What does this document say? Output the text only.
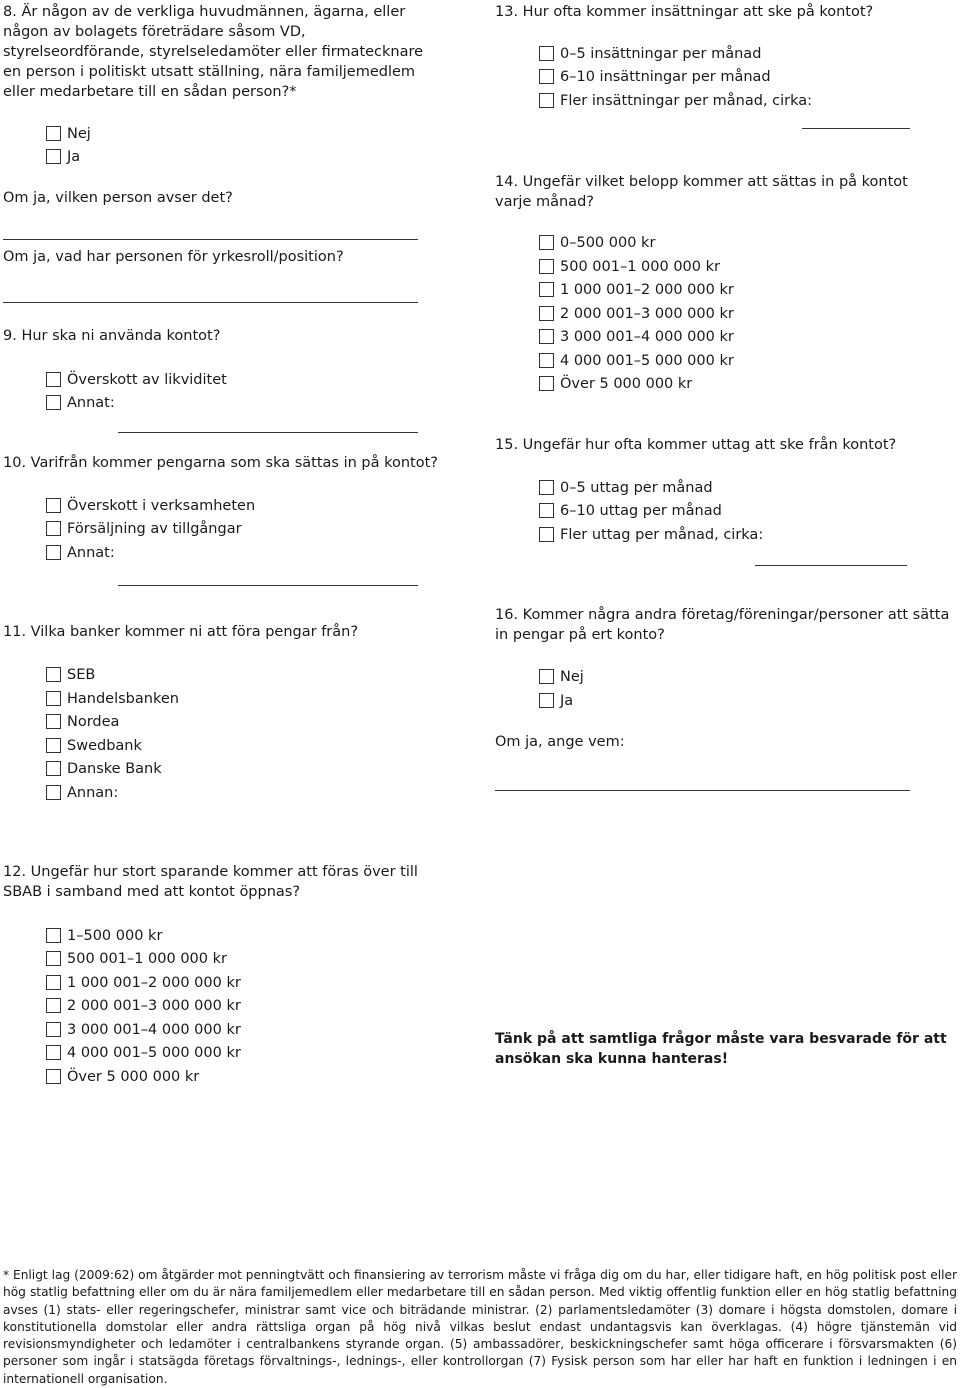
8. Är någon av de verkliga huvudmännen, ägarna, eller någon av bolagets företrädare såsom VD, styrelseordförande, styrelseledamöter eller firmatecknare en person i politiskt utsatt ställning, nära familjemedlem eller medarbetare till en sådan person?*
Nej
Ja
Om ja, vilken person avser det?
Om ja, vad har personen för yrkesroll/position?
9. Hur ska ni använda kontot?
Överskott av likviditet
Annat:
10. Varifrån kommer pengarna som ska sättas in på kontot?
Överskott i verksamheten
Försäljning av tillgångar
Annat:
11. Vilka banker kommer ni att föra pengar från?
SEB
Handelsbanken
Nordea
Swedbank
Danske Bank
Annan:
12. Ungefär hur stort sparande kommer att föras över till SBAB i samband med att kontot öppnas?
1–500 000 kr
500 001–1 000 000 kr
1 000 001–2 000 000 kr
2 000 001–3 000 000 kr
3 000 001–4 000 000 kr
4 000 001–5 000 000 kr
Över 5 000 000 kr
13. Hur ofta kommer insättningar att ske på kontot?
0–5 insättningar per månad
6–10 insättningar per månad
Fler insättningar per månad, cirka:
14. Ungefär vilket belopp kommer att sättas in på kontot varje månad?
0–500 000 kr
500 001–1 000 000 kr
1 000 001–2 000 000 kr
2 000 001–3 000 000 kr
3 000 001–4 000 000 kr
4 000 001–5 000 000 kr
Över 5 000 000 kr
15. Ungefär hur ofta kommer uttag att ske från kontot?
0–5 uttag per månad
6–10 uttag per månad
Fler uttag per månad, cirka:
16. Kommer några andra företag/föreningar/personer att sätta in pengar på ert konto?
Nej
Ja
Om ja, ange vem:
Tänk på att samtliga frågor måste vara besvarade för att ansökan ska kunna hanteras!
* Enligt lag (2009:62) om åtgärder mot penningtvätt och finansiering av terrorism måste vi fråga dig om du har, eller tidigare haft, en hög politisk post eller hög statlig befattning eller om du är nära familjemedlem eller medarbetare till en sådan person. Med viktig offentlig funktion eller en hög statlig befattning avses (1) stats- eller regeringschefer, ministrar samt vice och biträdande ministrar. (2) parlamentsledamöter (3) domare i högsta domstolen, domare i konstitutionella domstolar eller andra rättsliga organ på hög nivå vilkas beslut endast undantagsvis kan överklagas. (4) högre tjänstemän vid revisionsmyndigheter och ledamöter i centralbankens styrande organ. (5) ambassadörer, beskickningschefer samt höga officerare i försvarsmakten (6) personer som ingår i statsägda företags förvaltnings-, lednings-, eller kontrollorgan (7) Fysisk person som har eller har haft en funktion i ledningen i en internationell organisation.
